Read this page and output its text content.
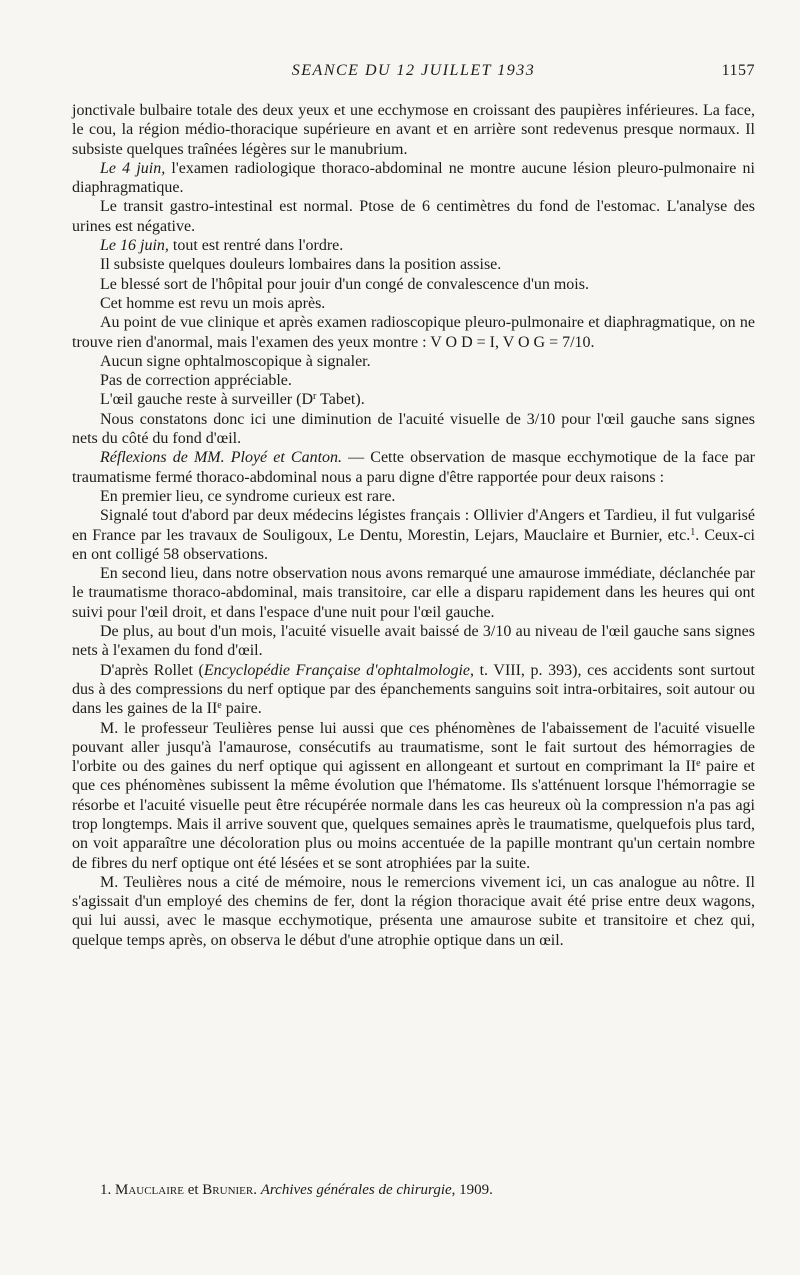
SEANCE DU 12 JUILLET 1933	1157

jonctivale bulbaire totale des deux yeux et une ecchymose en croissant des paupières inférieures. La face, le cou, la région médio-thoracique supérieure en avant et en arrière sont redevenus presque normaux. Il subsiste quelques traînées légères sur le manubrium.

Le 4 juin, l'examen radiologique thoraco-abdominal ne montre aucune lésion pleuro-pulmonaire ni diaphragmatique.

Le transit gastro-intestinal est normal. Ptose de 6 centimètres du fond de l'estomac. L'analyse des urines est négative.

Le 16 juin, tout est rentré dans l'ordre.

Il subsiste quelques douleurs lombaires dans la position assise.

Le blessé sort de l'hôpital pour jouir d'un congé de convalescence d'un mois.

Cet homme est revu un mois après.

Au point de vue clinique et après examen radioscopique pleuro-pulmonaire et diaphragmatique, on ne trouve rien d'anormal, mais l'examen des yeux montre : V O D = I, V O G = 7/10.

Aucun signe ophtalmoscopique à signaler.

Pas de correction appréciable.

L'œil gauche reste à surveiller ($D^r$ Tabet).

Nous constatons donc ici une diminution de l'acuité visuelle de 3/10 pour l'œil gauche sans signes nets du côté du fond d'œil.

Réflexions de MM. Ployé et Canton. — Cette observation de masque ecchymotique de la face par traumatisme fermé thoraco-abdominal nous a paru digne d'être rapportée pour deux raisons :

En premier lieu, ce syndrome curieux est rare.

Signalé tout d'abord par deux médecins légistes français : Ollivier d'Angers et Tardieu, il fut vulgarisé en France par les travaux de Souligoux, Le Dentu, Morestin, Lejars, Mauclaire et Burnier, etc.$^1$. Ceux-ci en ont colligé 58 observations.

En second lieu, dans notre observation nous avons remarqué une amaurose immédiate, déclanchée par le traumatisme thoraco-abdominal, mais transitoire, car elle a disparu rapidement dans les heures qui ont suivi pour l'œil droit, et dans l'espace d'une nuit pour l'œil gauche.

De plus, au bout d'un mois, l'acuité visuelle avait baissé de 3/10 au niveau de l'œil gauche sans signes nets à l'examen du fond d'œil.

D'après Rollet (Encyclopédie Française d'ophtalmologie, t. VIII, p. 393), ces accidents sont surtout dus à des compressions du nerf optique par des épanchements sanguins soit intra-orbitaires, soit autour ou dans les gaines de la IIe paire.

M. le professeur Teulières pense lui aussi que ces phénomènes de l'abaissement de l'acuité visuelle pouvant aller jusqu'à l'amaurose, consécutifs au traumatisme, sont le fait surtout des hémorragies de l'orbite ou des gaines du nerf optique qui agissent en allongeant et surtout en comprimant la IIe paire et que ces phénomènes subissent la même évolution que l'hématome. Ils s'atténuent lorsque l'hémorragie se résorbe et l'acuité visuelle peut être récupérée normale dans les cas heureux où la compression n'a pas agi trop longtemps. Mais il arrive souvent que, quelques semaines après le traumatisme, quelquefois plus tard, on voit apparaître une décoloration plus ou moins accentuée de la papille montrant qu'un certain nombre de fibres du nerf optique ont été lésées et se sont atrophiées par la suite.

M. Teulières nous a cité de mémoire, nous le remercions vivement ici, un cas analogue au nôtre. Il s'agissait d'un employé des chemins de fer, dont la région thoracique avait été prise entre deux wagons, qui lui aussi, avec le masque ecchymotique, présenta une amaurose subite et transitoire et chez qui, quelque temps après, on observa le début d'une atrophie optique dans un œil.

1. Mauclaire et Brunier. Archives générales de chirurgie, 1909.
